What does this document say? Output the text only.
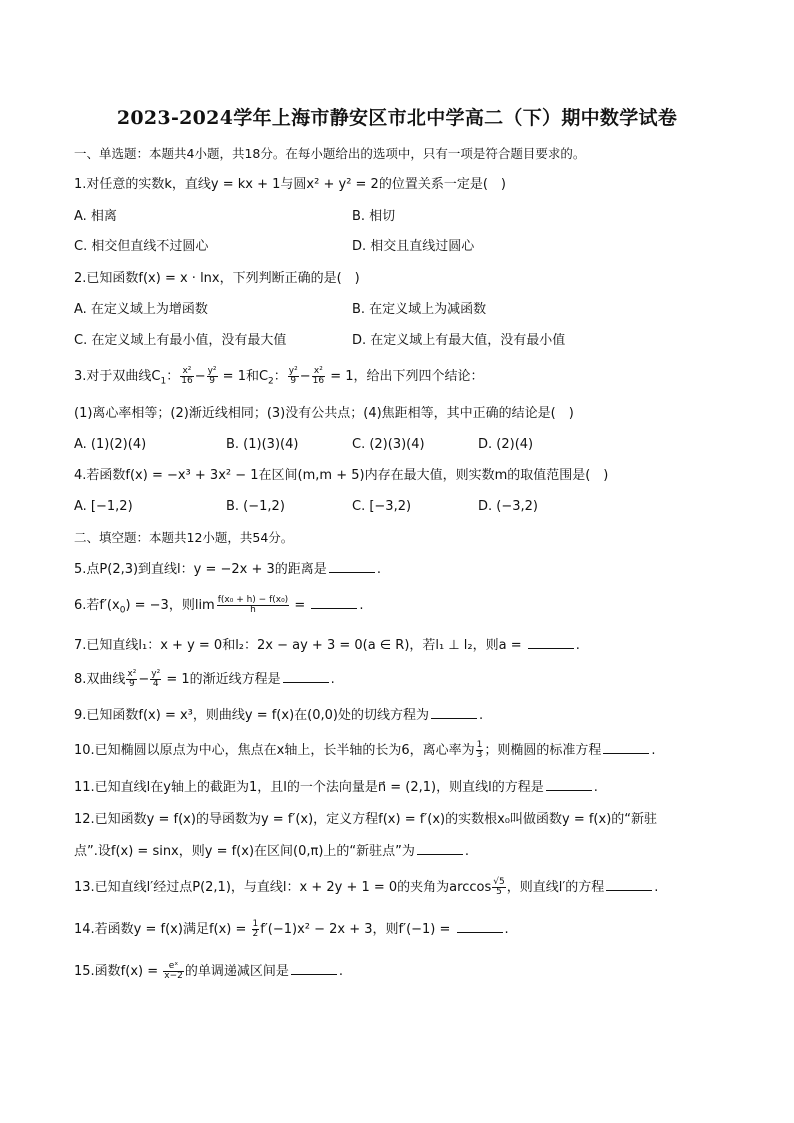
2023-2024学年上海市静安区市北中学高二（下）期中数学试卷
一、单选题：本题共4小题，共18分。在每小题给出的选项中，只有一项是符合题目要求的。
1.对任意的实数k，直线y = kx + 1与圆x² + y² = 2的位置关系一定是(　)
A. 相离	B. 相切
C. 相交但直线不过圆心	D. 相交且直线过圆心
2.已知函数f(x) = x · lnx，下列判断正确的是(　)
A. 在定义域上为增函数	B. 在定义域上为减函数
C. 在定义域上有最小值，没有最大值	D. 在定义域上有最大值，没有最小值
3.对于双曲线$C_1$： $\frac{\text{x²}}{16} - \frac{\text{y²}}{9} = 1$和$C_2$： $\frac{\text{y²}}{9} - \frac{\text{x²}}{16} = 1$，给出下列四个结论：
(1)离心率相等；(2)渐近线相同；(3)没有公共点；(4)焦距相等，其中正确的结论是(　)
A. (1)(2)(4)	B. (1)(3)(4)	C. (2)(3)(4)	D. (2)(4)
4.若函数f(x) = −x³ + 3x² − 1在区间(m,m + 5)内存在最大值，则实数m的取值范围是(　)
A. [−1,2)	B. (−1,2)	C. [−3,2)	D. (−3,2)
二、填空题：本题共12小题，共54分。
5.点P(2,3)到直线l：y = −2x + 3的距离是	.
6.若$f'(x_0) = -3$，则$\lim \frac{\text{f(x₀ + h) − f(x₀)}}{h}$ =	.
7.已知直线l₁：x + y = 0和l₂：2x − ay + 3 = 0(a ∈ R)，若l₁ ⊥ l₂，则a =	.
8.双曲线 $\frac{\text{x²}}{9} - \frac{\text{y²}}{4} = 1$的渐近线方程是	.
9.已知函数f(x) = x³，则曲线y = f(x)在(0,0)处的切线方程为	.
10.已知椭圆以原点为中心，焦点在x轴上，长半轴的长为6，离心率为 $\frac{1}{3}$ ；则椭圆的标准方程	.
11.已知直线l在y轴上的截距为1，且l的一个法向量是n⃗ = (2,1)，则直线l的方程是	.
12.已知函数y = f(x)的导函数为y = f′(x)，定义方程f(x) = f′(x)的实数根x₀叫做函数y = f(x)的“新驻
点”.设f(x) = sinx，则y = f(x)在区间(0,π)上的“新驻点”为	.
13.已知直线l′经过点P(2,1)，与直线l：x + 2y + 1 = 0的夹角为$\arccos \frac{√5}{5}$ ，则直线l′的方程	.
14.若函数y = f(x)满足$f(x) = \frac{1}{2} f'(-1)x^2 - 2x + 3$，则f′(−1) =	.
15.函数$f(x) = \frac{\text{eˣ}}{x-2}$ 的单调递减区间是	.
